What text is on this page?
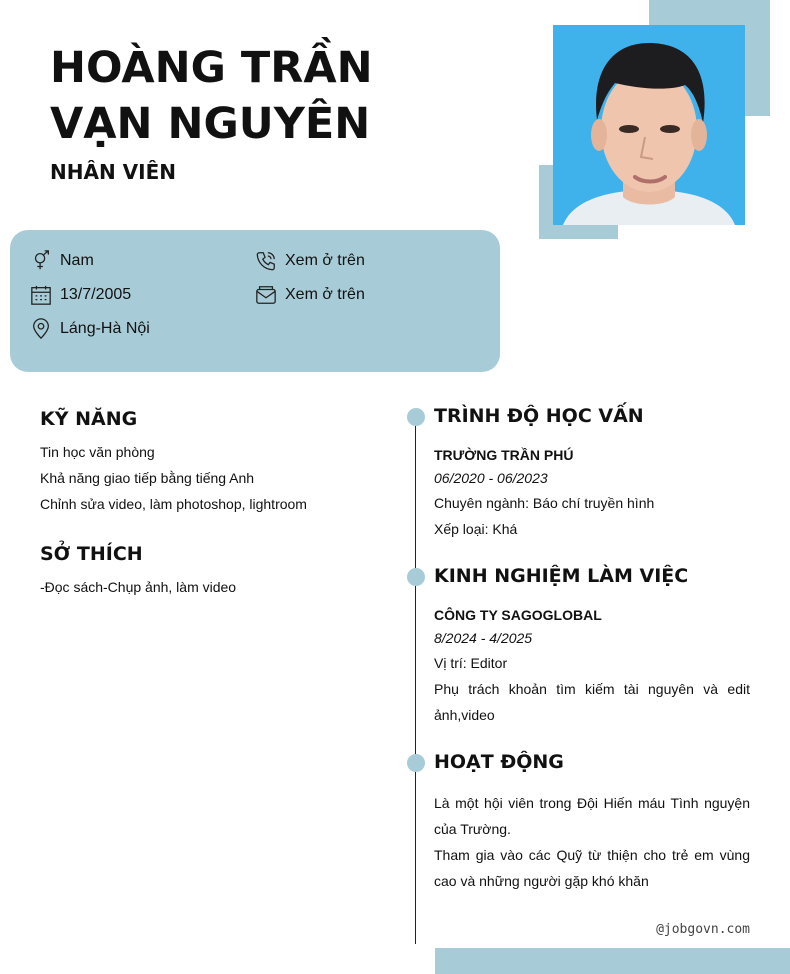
HOÀNG TRẦN VẠN NGUYÊN
NHÂN VIÊN
Nam
13/7/2005
Láng-Hà Nội
Xem ở trên
Xem ở trên
KỸ NĂNG
Tin học văn phòng
Khả năng giao tiếp bằng tiếng Anh
Chỉnh sửa video, làm photoshop, lightroom
SỞ THÍCH
-Đọc sách-Chụp ảnh, làm video
TRÌNH ĐỘ HỌC VẤN
TRƯỜNG TRẦN PHÚ
06/2020 - 06/2023
Chuyên ngành: Báo chí truyền hình
Xếp loại: Khá
KINH NGHIỆM LÀM VIỆC
CÔNG TY SAGOGLOBAL
8/2024 - 4/2025
Vị trí: Editor
Phụ trách khoản tìm kiếm tài nguyên và edit ảnh,video
HOẠT ĐỘNG
Là một hội viên trong Đội Hiến máu Tình nguyện của Trường.
Tham gia vào các Quỹ từ thiện cho trẻ em vùng cao và những người gặp khó khăn
@jobgovn.com
